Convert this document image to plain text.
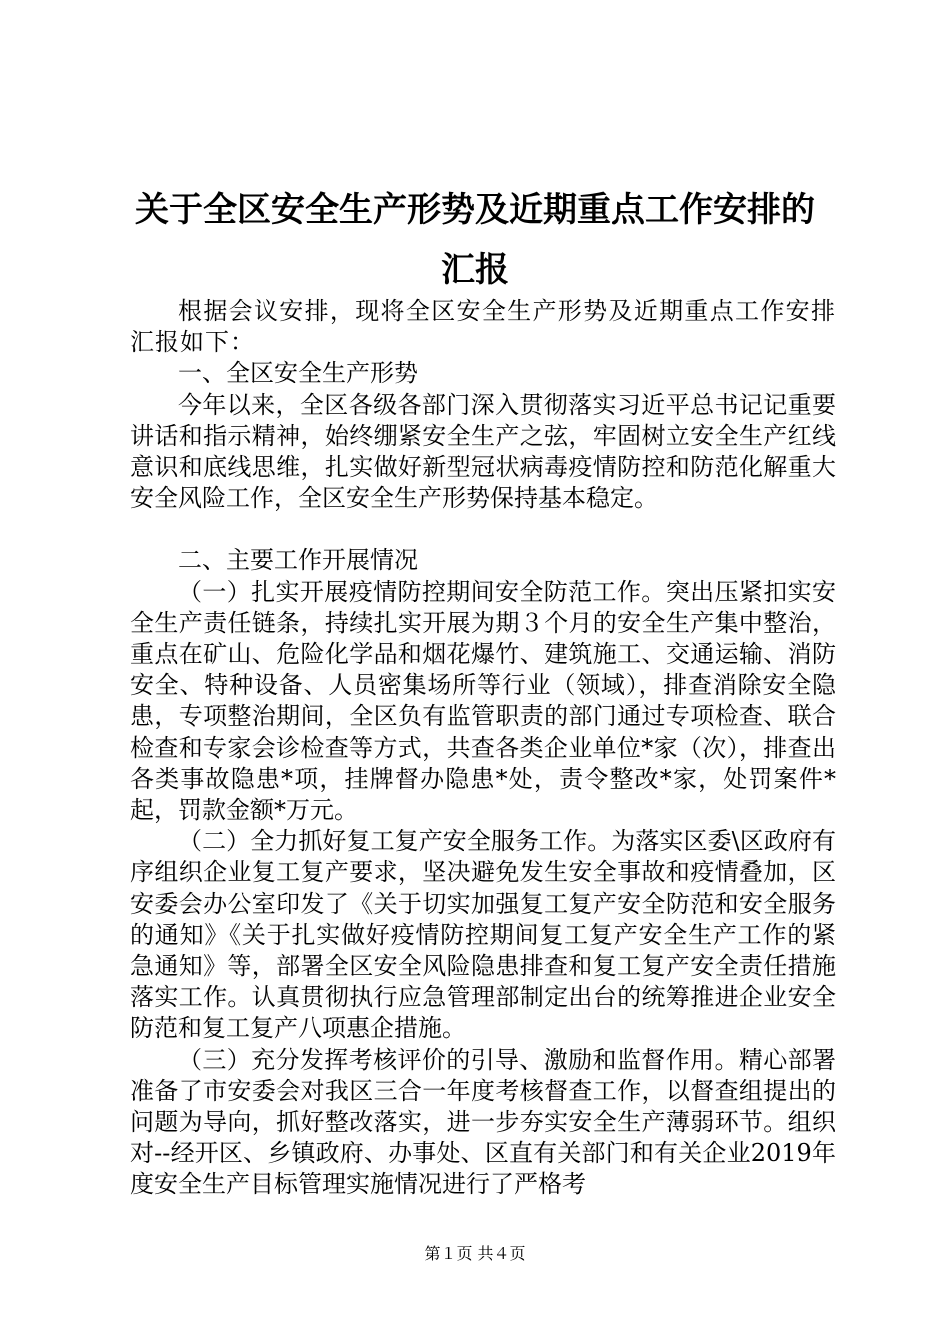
关于全区安全生产形势及近期重点工作安排的
汇报

根据会议安排，现将全区安全生产形势及近期重点工作安排汇报如下：

一、全区安全生产形势

今年以来，全区各级各部门深入贯彻落实习近平总书记记重要讲话和指示精神，始终绷紧安全生产之弦，牢固树立安全生产红线意识和底线思维，扎实做好新型冠状病毒疫情防控和防范化解重大安全风险工作，全区安全生产形势保持基本稳定。

二、主要工作开展情况

（一）扎实开展疫情防控期间安全防范工作。突出压紧扣实安全生产责任链条，持续扎实开展为期３个月的安全生产集中整治，重点在矿山、危险化学品和烟花爆竹、建筑施工、交通运输、消防安全、特种设备、人员密集场所等行业（领域），排查消除安全隐患，专项整治期间，全区负有监管职责的部门通过专项检查、联合检查和专家会诊检查等方式，共查各类企业单位*家（次），排查出各类事故隐患*项，挂牌督办隐患*处，责令整改*家，处罚案件*起，罚款金额*万元。

（二）全力抓好复工复产安全服务工作。为落实区委\区政府有序组织企业复工复产要求，坚决避免发生安全事故和疫情叠加，区安委会办公室印发了《关于切实加强复工复产安全防范和安全服务的通知》《关于扎实做好疫情防控期间复工复产安全生产工作的紧急通知》等，部署全区安全风险隐患排查和复工复产安全责任措施落实工作。认真贯彻执行应急管理部制定出台的统筹推进企业安全防范和复工复产八项惠企措施。

（三）充分发挥考核评价的引导、激励和监督作用。精心部署准备了市安委会对我区三合一年度考核督查工作，以督查组提出的问题为导向，抓好整改落实，进一步夯实安全生产薄弱环节。组织对--经开区、乡镇政府、办事处、区直有关部门和有关企业2019年度安全生产目标管理实施情况进行了严格考

第１页 共４页
